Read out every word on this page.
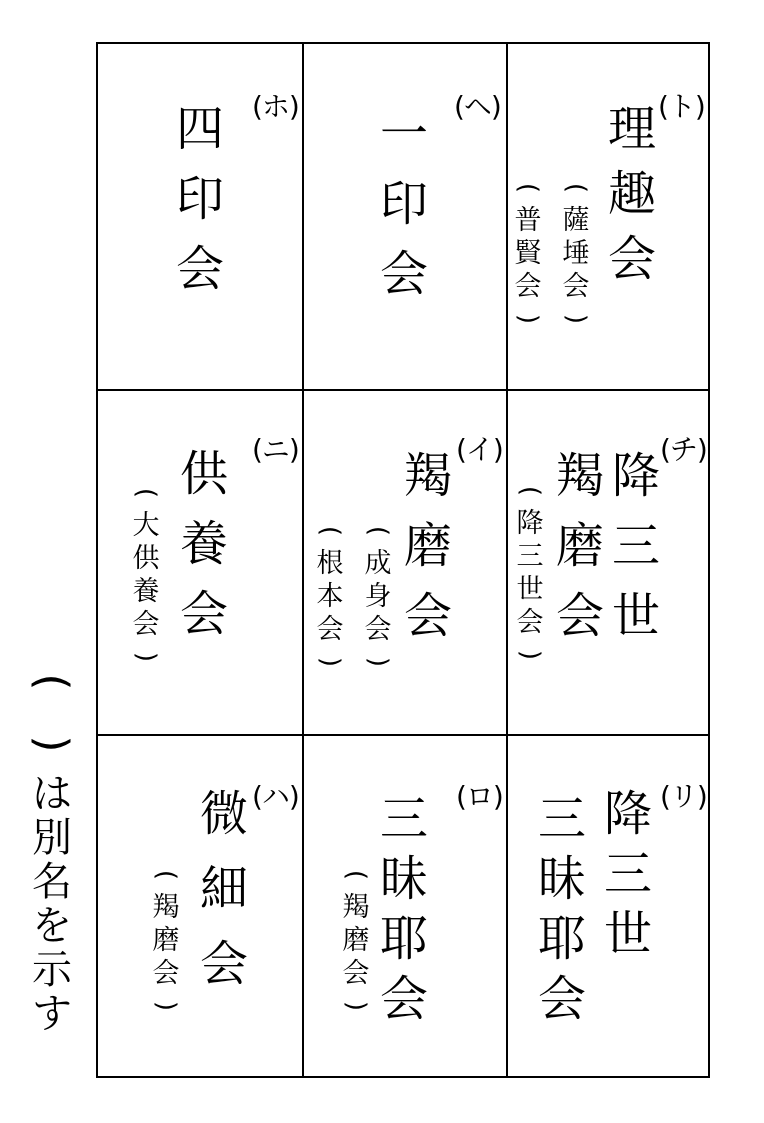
(ホ)
四
印
会
(ヘ)
一
印
会
(ト)
理
趣
会
(
薩
埵
会
)
(
普
賢
会
)
(ニ)
供
養
会
(
大
供
養
会
)
(イ)
羯
磨
会
(
成
身
会
)
(
根
本
会
)
(チ)
降
三
世
羯
磨
会
(
降
三
世
会
)
(ハ)
微
細
会
(
羯
磨
会
)
(ロ)
三
昧
耶
会
(
羯
磨
会
)
(リ)
降
三
世
三
昧
耶
会
(
)
は
別
名
を
示
す
